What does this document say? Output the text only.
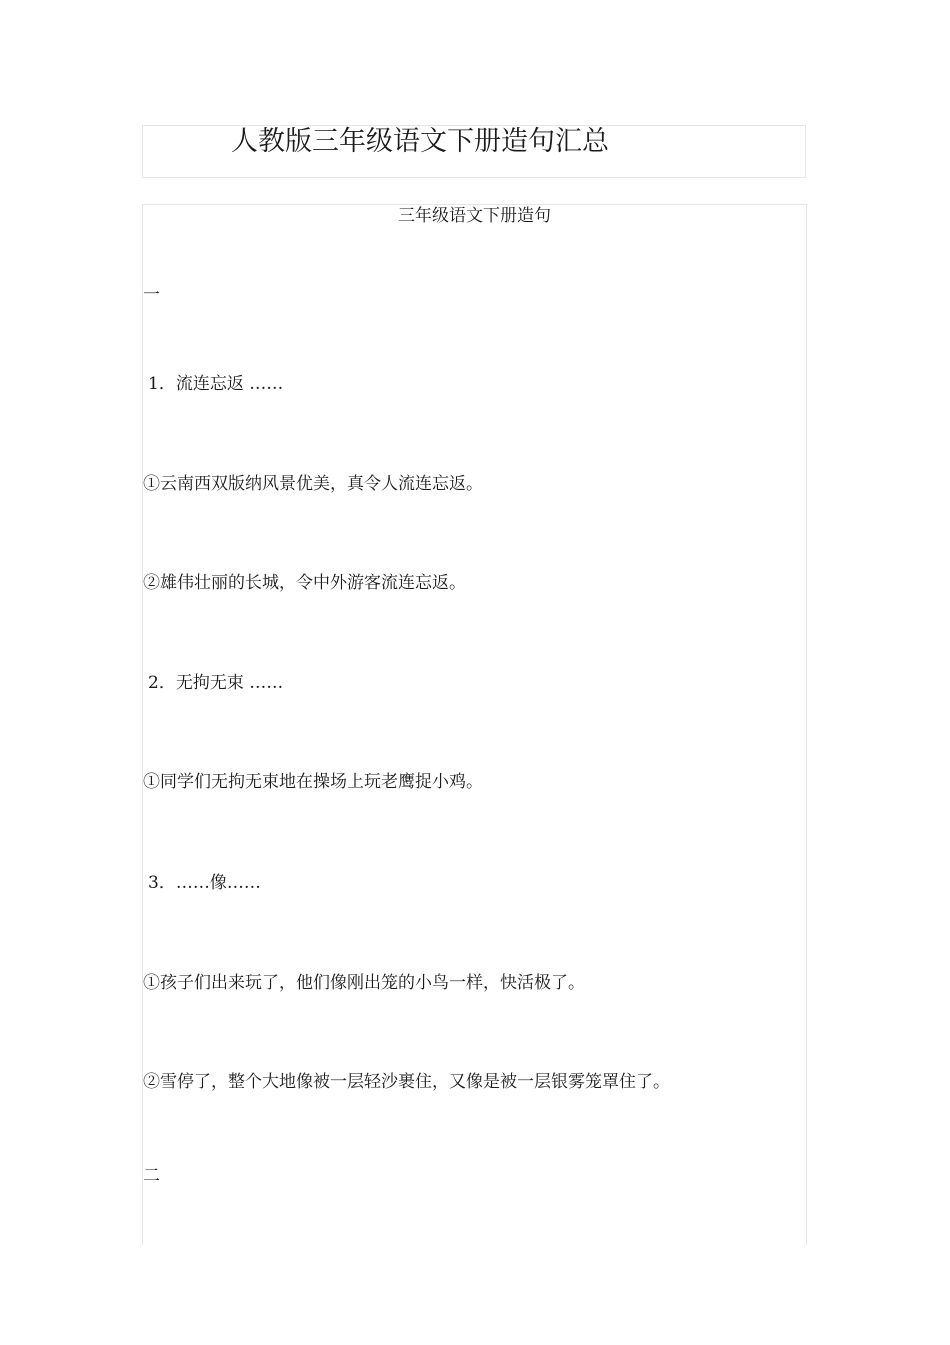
人教版三年级语文下册造句汇总
三年级语文下册造句
一
1．流连忘返 ……
①云南西双版纳风景优美，真令人流连忘返。
②雄伟壮丽的长城，令中外游客流连忘返。
2．无拘无束 ……
①同学们无拘无束地在操场上玩老鹰捉小鸡。
3．……像……
①孩子们出来玩了，他们像刚出笼的小鸟一样，快活极了。
②雪停了，整个大地像被一层轻沙裹住，又像是被一层银雾笼罩住了。
二
